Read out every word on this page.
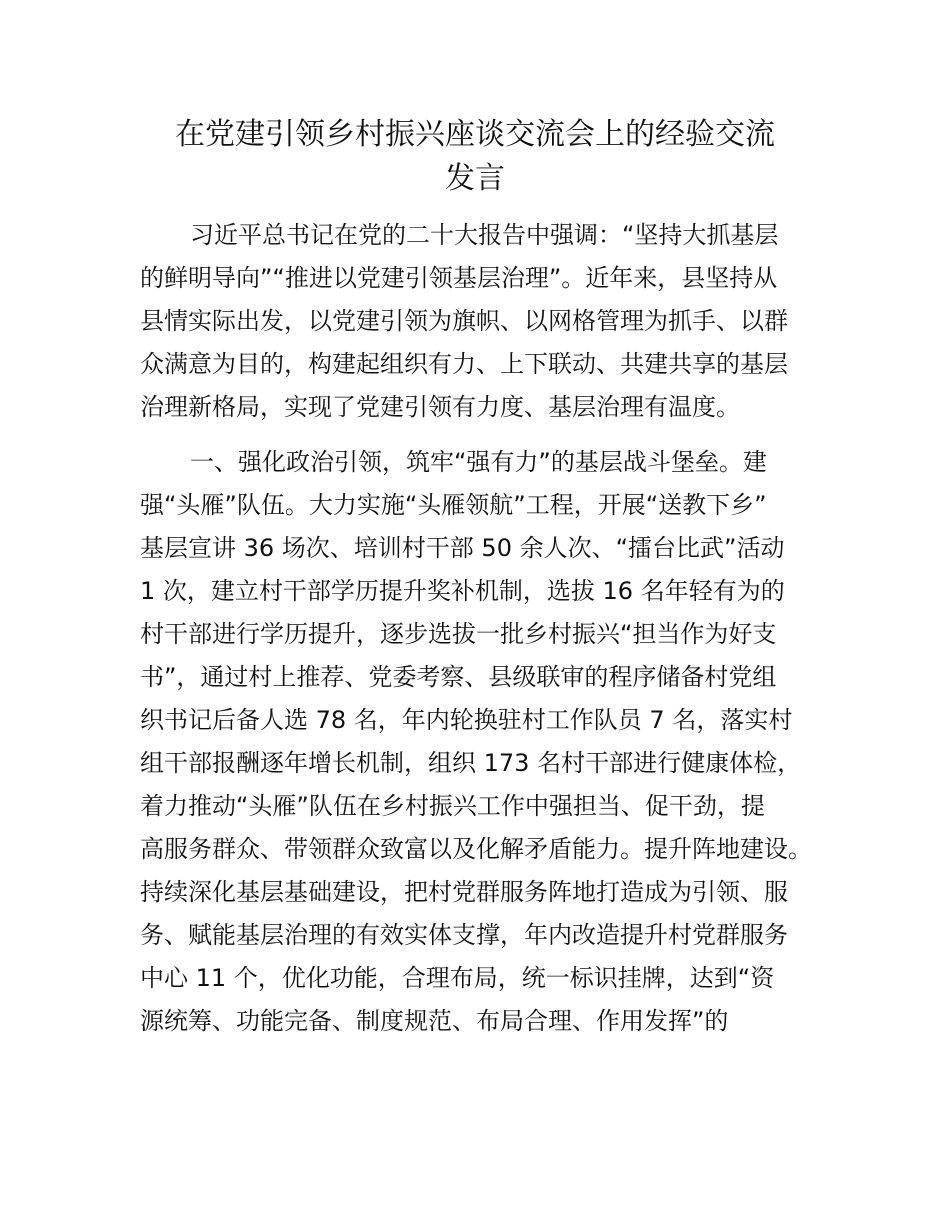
在党建引领乡村振兴座谈交流会上的经验交流
发言
习近平总书记在党的二十大报告中强调：“坚持大抓基层
的鲜明导向”“推进以党建引领基层治理”。近年来，县坚持从
县情实际出发，以党建引领为旗帜、以网格管理为抓手、以群
众满意为目的，构建起组织有力、上下联动、共建共享的基层
治理新格局，实现了党建引领有力度、基层治理有温度。
一、强化政治引领，筑牢“强有力”的基层战斗堡垒。建
强“头雁”队伍。大力实施“头雁领航”工程，开展“送教下乡”
基层宣讲 36 场次、培训村干部 50 余人次、“擂台比武”活动
1 次，建立村干部学历提升奖补机制，选拔 16 名年轻有为的
村干部进行学历提升，逐步选拔一批乡村振兴“担当作为好支
书”，通过村上推荐、党委考察、县级联审的程序储备村党组
织书记后备人选 78 名，年内轮换驻村工作队员 7 名，落实村
组干部报酬逐年增长机制，组织 173 名村干部进行健康体检，
着力推动“头雁”队伍在乡村振兴工作中强担当、促干劲，提
高服务群众、带领群众致富以及化解矛盾能力。提升阵地建设。
持续深化基层基础建设，把村党群服务阵地打造成为引领、服
务、赋能基层治理的有效实体支撑，年内改造提升村党群服务
中心 11 个，优化功能，合理布局，统一标识挂牌，达到“资
源统筹、功能完备、制度规范、布局合理、作用发挥”的
